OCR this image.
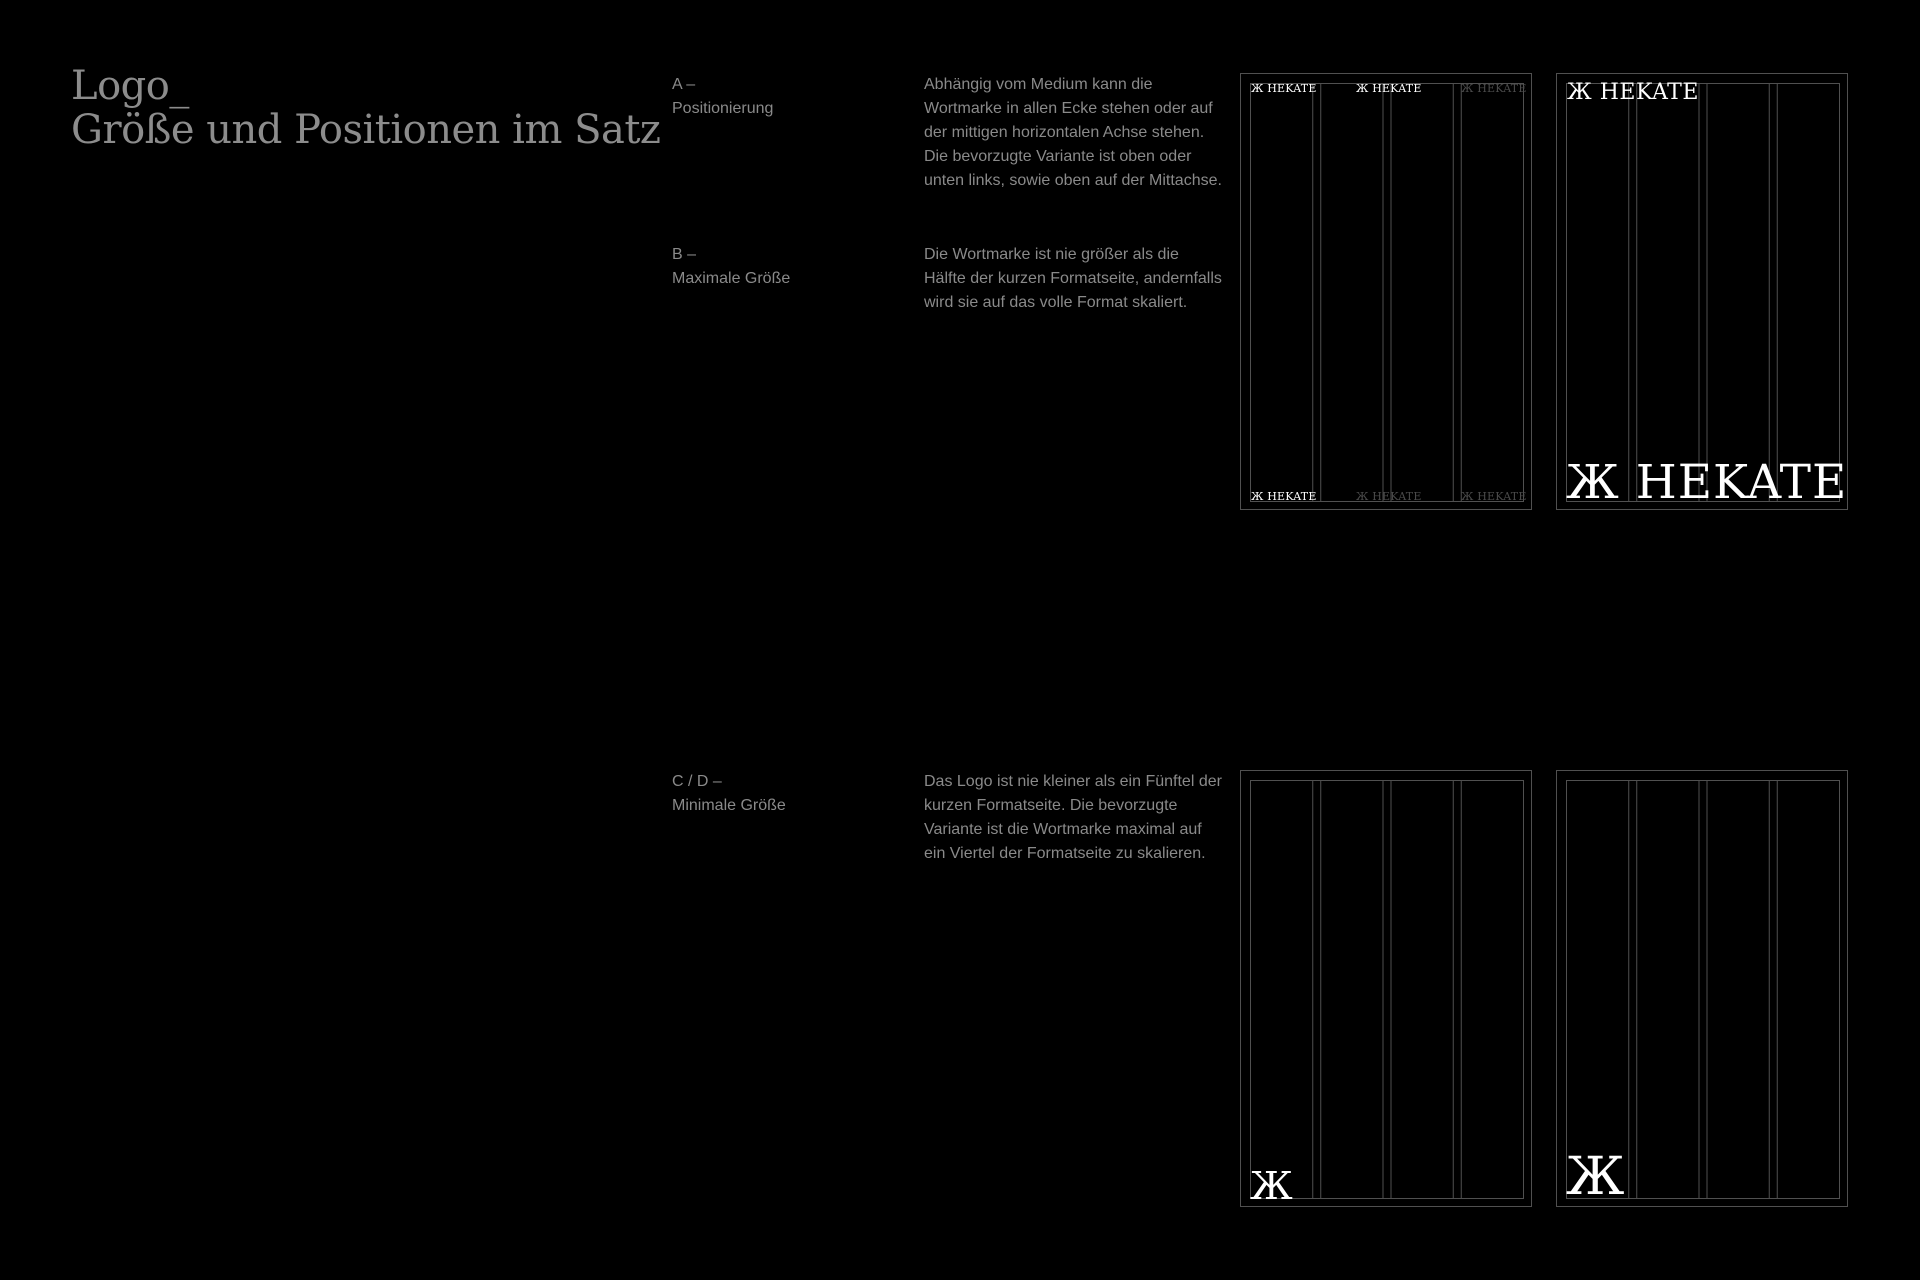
Logo_
Größe und Positionen im Satz
A –
Positionierung
Abhängig vom Medium kann die Wortmarke in allen Ecke stehen oder auf der mittigen horizontalen Achse stehen. Die bevorzugte Variante ist oben oder unten links, sowie oben auf der Mittachse.
B –
Maximale Größe
Die Wortmarke ist nie größer als die Hälfte der kurzen Formatseite, andernfalls wird sie auf das volle Format skaliert.
C / D –
Minimale Größe
Das Logo ist nie kleiner als ein Fünftel der kurzen Formatseite. Die bevorzugte Variante ist die Wortmarke maximal auf ein Viertel der Formatseite zu skalieren.
Ж HEKATE	Ж HEKATE	Ж HEKATE
Ж HEKATE	Ж HEKATE	Ж HEKATE
Ж HEKATE
Ж HEKATE
Ж	Ж
